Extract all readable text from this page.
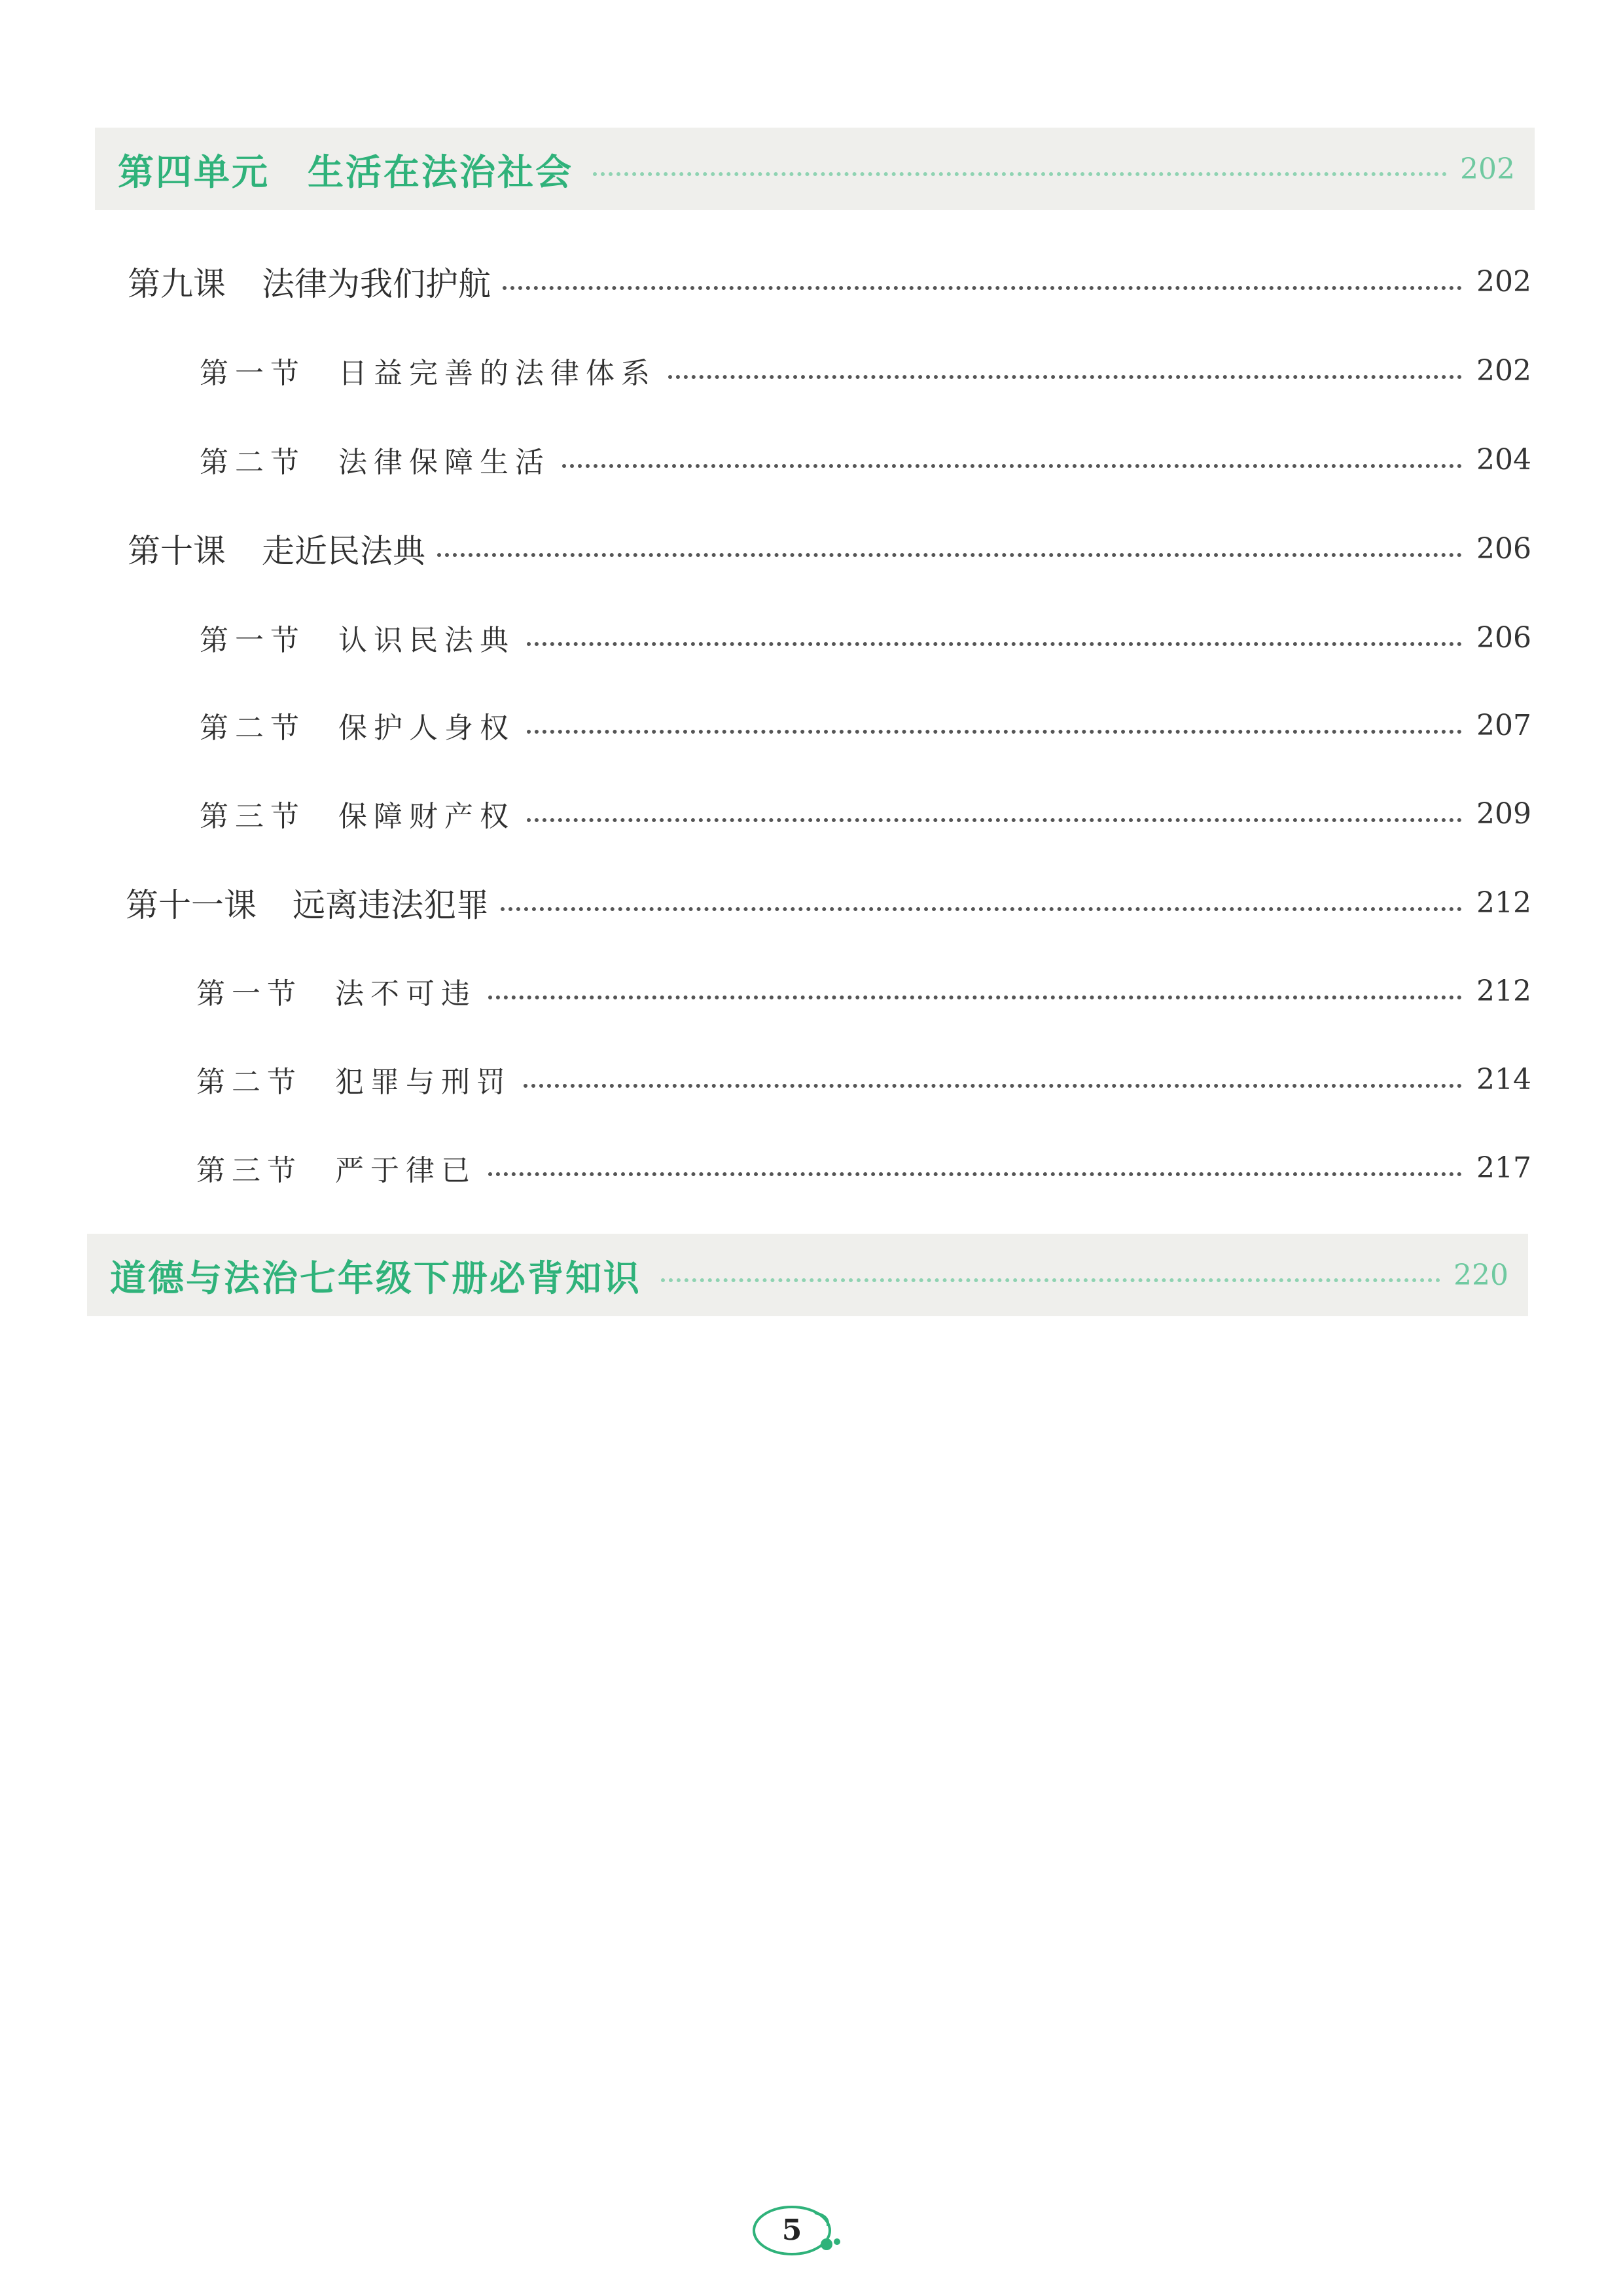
第四单元　生活在法治社会	202
第九课 法律为我们护航	202
第一节 日益完善的法律体系	202
第二节 法律保障生活	204
第十课 走近民法典	206
第一节 认识民法典	206
第二节 保护人身权	207
第三节 保障财产权	209
第十一课 远离违法犯罪	212
第一节 法不可违	212
第二节 犯罪与刑罚	214
第三节 严于律已	217
道德与法治七年级下册必背知识	220
5
